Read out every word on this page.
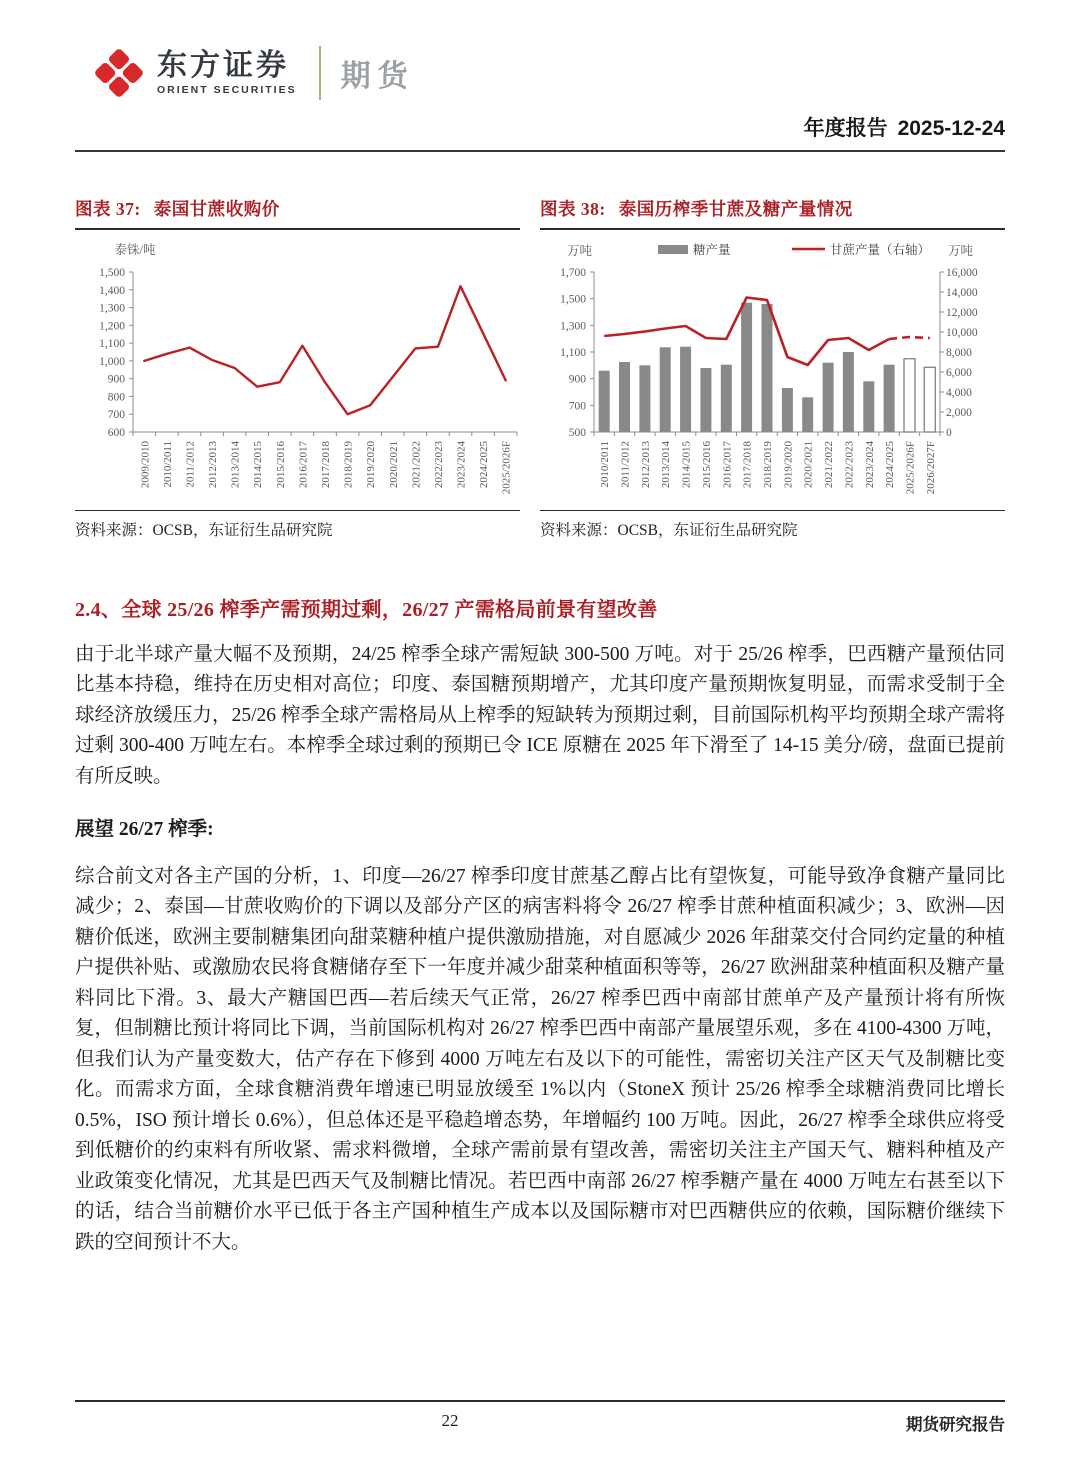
东方证券
ORIENT SECURITIES 期货
年度报告 2025-12-24
图表 37: 泰国甘蔗收购价
泰铢/吨
600
700
800
900
1,000
1,100
1,200
1,300
1,400
1,500
2009/2010 2010/2011 2011/2012 2012/2013 2013/2014 2014/2015 2015/2016 2016/2017 2017/2018 2018/2019 2019/2020 2020/2021 2021/2022 2022/2023 2023/2024 2024/2025 2025/2026F
资料来源：OCSB，东证衍生品研究院
图表 38: 泰国历榨季甘蔗及糖产量情况
万吨	万吨
糖产量	甘蔗产量（右轴）
500
700
900
1,100
1,300
1,500
1,700
0
2,000
4,000
6,000
8,000
10,000
12,000
14,000
16,000
2010/2011 2011/2012 2012/2013 2013/2014 2014/2015 2015/2016 2016/2017 2017/2018 2018/2019 2019/2020 2020/2021 2021/2022 2022/2023 2023/2024 2024/2025 2025/2026F 2026/2027F
资料来源：OCSB，东证衍生品研究院
2.4、全球 25/26 榨季产需预期过剩，26/27 产需格局前景有望改善

由于北半球产量大幅不及预期，24/25 榨季全球产需短缺 300-500 万吨。对于 25/26 榨季，巴西糖产量预估同比基本持稳，维持在历史相对高位；印度、泰国糖预期增产，尤其印度产量预期恢复明显，而需求受制于全球经济放缓压力，25/26 榨季全球产需格局从上榨季的短缺转为预期过剩，目前国际机构平均预期全球产需将过剩 300-400 万吨左右。本榨季全球过剩的预期已令 ICE 原糖在 2025 年下滑至了 14-15 美分/磅，盘面已提前有所反映。

展望 26/27 榨季:

综合前文对各主产国的分析，1、印度—26/27 榨季印度甘蔗基乙醇占比有望恢复，可能导致净食糖产量同比减少；2、泰国—甘蔗收购价的下调以及部分产区的病害料将令 26/27 榨季甘蔗种植面积减少；3、欧洲—因糖价低迷，欧洲主要制糖集团向甜菜糖种植户提供激励措施，对自愿减少 2026 年甜菜交付合同约定量的种植户提供补贴、或激励农民将食糖储存至下一年度并减少甜菜种植面积等等，26/27 欧洲甜菜种植面积及糖产量料同比下滑。3、最大产糖国巴西—若后续天气正常，26/27 榨季巴西中南部甘蔗单产及产量预计将有所恢复，但制糖比预计将同比下调，当前国际机构对 26/27 榨季巴西中南部产量展望乐观，多在 4100-4300 万吨，但我们认为产量变数大，估产存在下修到 4000 万吨左右及以下的可能性，需密切关注产区天气及制糖比变化。而需求方面，全球食糖消费年增速已明显放缓至 1%以内（StoneX 预计 25/26 榨季全球糖消费同比增长 0.5%，ISO 预计增长 0.6%），但总体还是平稳趋增态势，年增幅约 100 万吨。因此，26/27 榨季全球供应将受到低糖价的约束料有所收紧、需求料微增，全球产需前景有望改善，需密切关注主产国天气、糖料种植及产业政策变化情况，尤其是巴西天气及制糖比情况。若巴西中南部 26/27 榨季糖产量在 4000 万吨左右甚至以下的话，结合当前糖价水平已低于各主产国种植生产成本以及国际糖市对巴西糖供应的依赖，国际糖价继续下跌的空间预计不大。

22	期货研究报告
